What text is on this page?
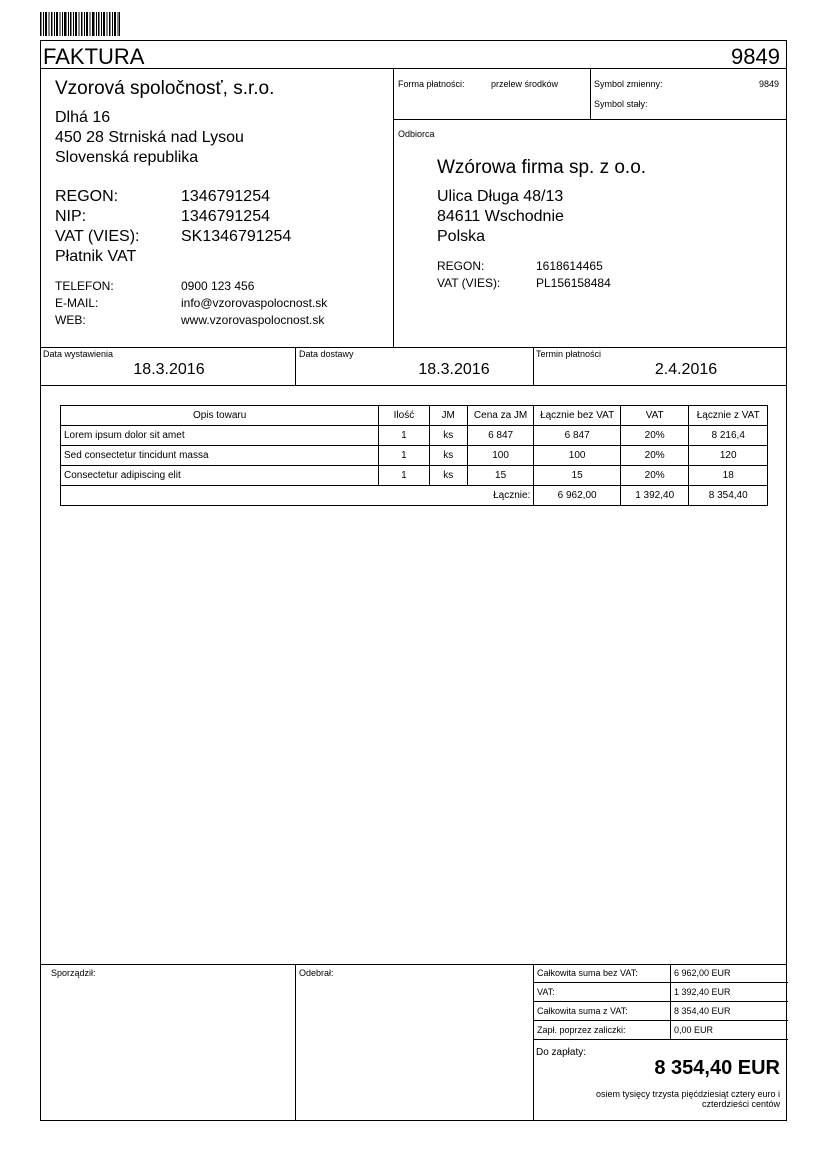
FAKTURA	9849
Vzorová spoločnosť, s.r.o.
Dlhá 16
450 28 Strniská nad Lysou
Slovenská republika
REGON:	1346791254
NIP:	1346791254
VAT (VIES):	SK1346791254
Płatnik VAT
TELEFON:	0900 123 456
E-MAIL:	info@vzorovaspolocnost.sk
WEB:	www.vzorovaspolocnost.sk
Forma płatności:	przelew środków	Symbol zmienny:	9849
Symbol stały:
Odbiorca
Wzórowa firma sp. z o.o.
Ulica Długa 48/13
84611 Wschodnie
Polska
REGON:	1618614465
VAT (VIES):	PL156158484
Data wystawienia
18.3.2016
Data dostawy
18.3.2016
Termin płatności
2.4.2016
Opis towaru	Ilość	JM	Cena za JM	Łącznie bez VAT	VAT	Łącznie z VAT
Lorem ipsum dolor sit amet	1	ks	6 847	6 847	20%	8 216,4
Sed consectetur tincidunt massa	1	ks	100	100	20%	120
Consectetur adipiscing elit	1	ks	15	15	20%	18
Łącznie:				6 962,00	1 392,40	8 354,40
Sporządził:	Odebrał:	Całkowita suma bez VAT:	6 962,00 EUR
VAT:	1 392,40 EUR
Całkowita suma z VAT:	8 354,40 EUR
Zapł. poprzez zaliczki:	0,00 EUR
Do zapłaty:
8 354,40 EUR
osiem tysięcy trzysta pięćdziesiąt cztery euro i
czterdzieści centów
